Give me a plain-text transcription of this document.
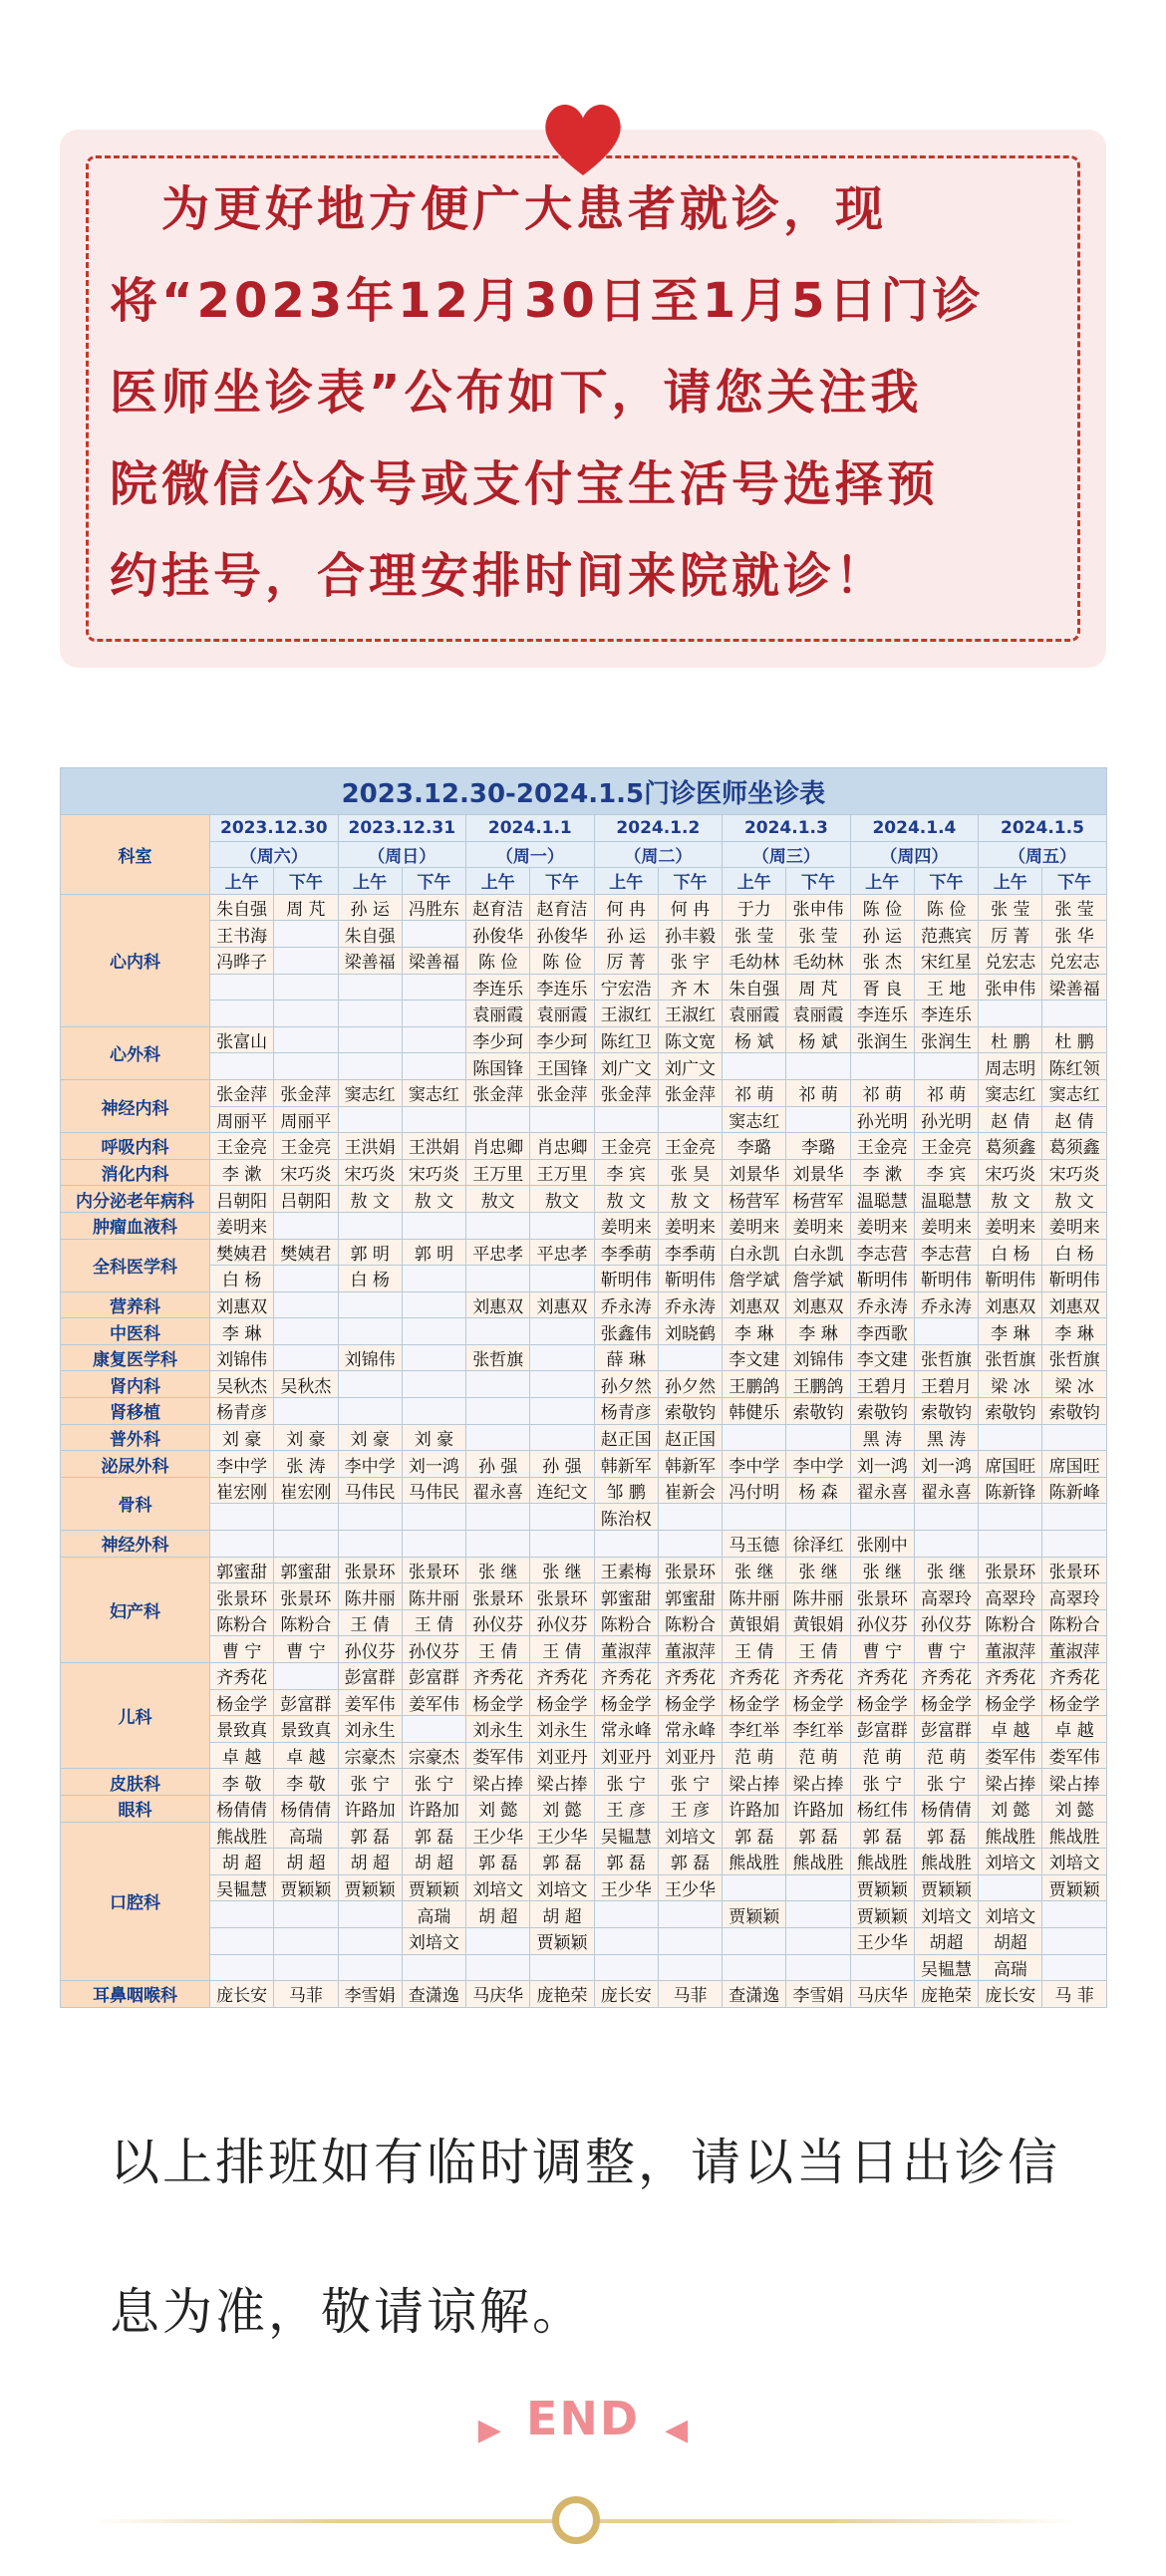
　为更好地方便广大患者就诊，现
将“2023年12月30日至1月5日门诊
医师坐诊表”公布如下，请您关注我
院微信公众号或支付宝生活号选择预
约挂号，合理安排时间来院就诊！

2023.12.30-2024.1.5门诊医师坐诊表														
科室	2023.12.30		2023.12.31		2024.1.1		2024.1.2		2024.1.3		2024.1.4		2024.1.5	
	（周六）		（周日）		（周一）		（周二）		（周三）		（周四）		（周五）	
	上午	下午	上午	下午	上午	下午	上午	下午	上午	下午	上午	下午	上午	下午
心内科	朱自强	周 芃	孙 运	冯胜东	赵育洁	赵育洁	何 冉	何 冉	于力	张申伟	陈 俭	陈 俭	张 莹	张 莹
	王书海		朱自强		孙俊华	孙俊华	孙 运	孙丰毅	张 莹	张 莹	孙 运	范燕宾	厉 菁	张 华
	冯晔子		梁善福	梁善福	陈 俭	陈 俭	厉 菁	张 宇	毛幼林	毛幼林	张 杰	宋红星	兑宏志	兑宏志
					李连乐	李连乐	宁宏浩	齐 木	朱自强	周 芃	胥 良	王 地	张申伟	梁善福
					袁丽霞	袁丽霞	王淑红	王淑红	袁丽霞	袁丽霞	李连乐	李连乐		
心外科	张富山				李少珂	李少珂	陈红卫	陈文宽	杨 斌	杨 斌	张润生	张润生	杜 鹏	杜 鹏
					陈国锋	王国锋	刘广文	刘广文					周志明	陈红领
神经内科	张金萍	张金萍	窦志红	窦志红	张金萍	张金萍	张金萍	张金萍	祁 萌	祁 萌	祁 萌	祁 萌	窦志红	窦志红
	周丽平	周丽平							窦志红		孙光明	孙光明	赵 倩	赵 倩
呼吸内科	王金亮	王金亮	王洪娟	王洪娟	肖忠卿	肖忠卿	王金亮	王金亮	李璐	李璐	王金亮	王金亮	葛须鑫	葛须鑫
消化内科	李 漱	宋巧炎	宋巧炎	宋巧炎	王万里	王万里	李 宾	张 昊	刘景华	刘景华	李 漱	李 宾	宋巧炎	宋巧炎
内分泌老年病科	吕朝阳	吕朝阳	敖 文	敖 文	敖文	敖文	敖 文	敖 文	杨营军	杨营军	温聪慧	温聪慧	敖 文	敖 文
肿瘤血液科	姜明来						姜明来	姜明来	姜明来	姜明来	姜明来	姜明来	姜明来	姜明来
全科医学科	樊姨君	樊姨君	郭 明	郭 明	平忠孝	平忠孝	李季萌	李季萌	白永凯	白永凯	李志营	李志营	白 杨	白 杨
	白 杨		白 杨				靳明伟	靳明伟	詹学斌	詹学斌	靳明伟	靳明伟	靳明伟	靳明伟
营养科	刘惠双				刘惠双	刘惠双	乔永涛	乔永涛	刘惠双	刘惠双	乔永涛	乔永涛	刘惠双	刘惠双
中医科	李 琳						张鑫伟	刘晓鹤	李 琳	李 琳	李西歌		李 琳	李 琳
康复医学科	刘锦伟		刘锦伟		张哲旗		薛 琳		李文建	刘锦伟	李文建	张哲旗	张哲旗	张哲旗
肾内科	吴秋杰	吴秋杰					孙夕然	孙夕然	王鹏鸽	王鹏鸽	王碧月	王碧月	梁 冰	梁 冰
肾移植	杨青彦						杨青彦	索敬钧	韩健乐	索敬钧	索敬钧	索敬钧	索敬钧	索敬钧
普外科	刘 豪	刘 豪	刘 豪	刘 豪			赵正国	赵正国			黑 涛	黑 涛		
泌尿外科	李中学	张 涛	李中学	刘一鸿	孙 强	孙 强	韩新军	韩新军	李中学	李中学	刘一鸿	刘一鸿	席国旺	席国旺
骨科	崔宏刚	崔宏刚	马伟民	马伟民	翟永喜	连纪文	邹 鹏	崔新会	冯付明	杨 森	翟永喜	翟永喜	陈新锋	陈新峰
							陈治权							
神经外科									马玉德	徐泽红	张刚中			
妇产科	郭蜜甜	郭蜜甜	张景环	张景环	张 继	张 继	王素梅	张景环	张 继	张 继	张 继	张 继	张景环	张景环
	张景环	张景环	陈井丽	陈井丽	张景环	张景环	郭蜜甜	郭蜜甜	陈井丽	陈井丽	张景环	高翠玲	高翠玲	高翠玲
	陈粉合	陈粉合	王 倩	王 倩	孙仪芬	孙仪芬	陈粉合	陈粉合	黄银娟	黄银娟	孙仪芬	孙仪芬	陈粉合	陈粉合
	曹 宁	曹 宁	孙仪芬	孙仪芬	王 倩	王 倩	董淑萍	董淑萍	王 倩	王 倩	曹 宁	曹 宁	董淑萍	董淑萍
儿科	齐秀花		彭富群	彭富群	齐秀花	齐秀花	齐秀花	齐秀花	齐秀花	齐秀花	齐秀花	齐秀花	齐秀花	齐秀花
	杨金学	彭富群	姜军伟	姜军伟	杨金学	杨金学	杨金学	杨金学	杨金学	杨金学	杨金学	杨金学	杨金学	杨金学
	景致真	景致真	刘永生		刘永生	刘永生	常永峰	常永峰	李红举	李红举	彭富群	彭富群	卓 越	卓 越
	卓 越	卓 越	宗豪杰	宗豪杰	娄军伟	刘亚丹	刘亚丹	刘亚丹	范 萌	范 萌	范 萌	范 萌	娄军伟	娄军伟
皮肤科	李 敬	李 敬	张 宁	张 宁	梁占捧	梁占捧	张 宁	张 宁	梁占捧	梁占捧	张 宁	张 宁	梁占捧	梁占捧
眼科	杨倩倩	杨倩倩	许路加	许路加	刘 懿	刘 懿	王 彦	王 彦	许路加	许路加	杨红伟	杨倩倩	刘 懿	刘 懿
口腔科	熊战胜	高瑞	郭 磊	郭 磊	王少华	王少华	吴韫慧	刘培文	郭 磊	郭 磊	郭 磊	郭 磊	熊战胜	熊战胜
	胡 超	胡 超	胡 超	胡 超	郭 磊	郭 磊	郭 磊	郭 磊	熊战胜	熊战胜	熊战胜	熊战胜	刘培文	刘培文
	吴韫慧	贾颖颖	贾颖颖	贾颖颖	刘培文	刘培文	王少华	王少华			贾颖颖	贾颖颖		贾颖颖
				高瑞	胡 超	胡 超			贾颖颖		贾颖颖	刘培文	刘培文	
				刘培文		贾颖颖					王少华	胡超	胡超	
												吴韫慧	高瑞	
耳鼻咽喉科	庞长安	马菲	李雪娟	查潇逸	马庆华	庞艳荣	庞长安	马菲	查潇逸	李雪娟	马庆华	庞艳荣	庞长安	马 菲

以上排班如有临时调整，请以当日出诊信
息为准，敬请谅解。

▶ END ◀
